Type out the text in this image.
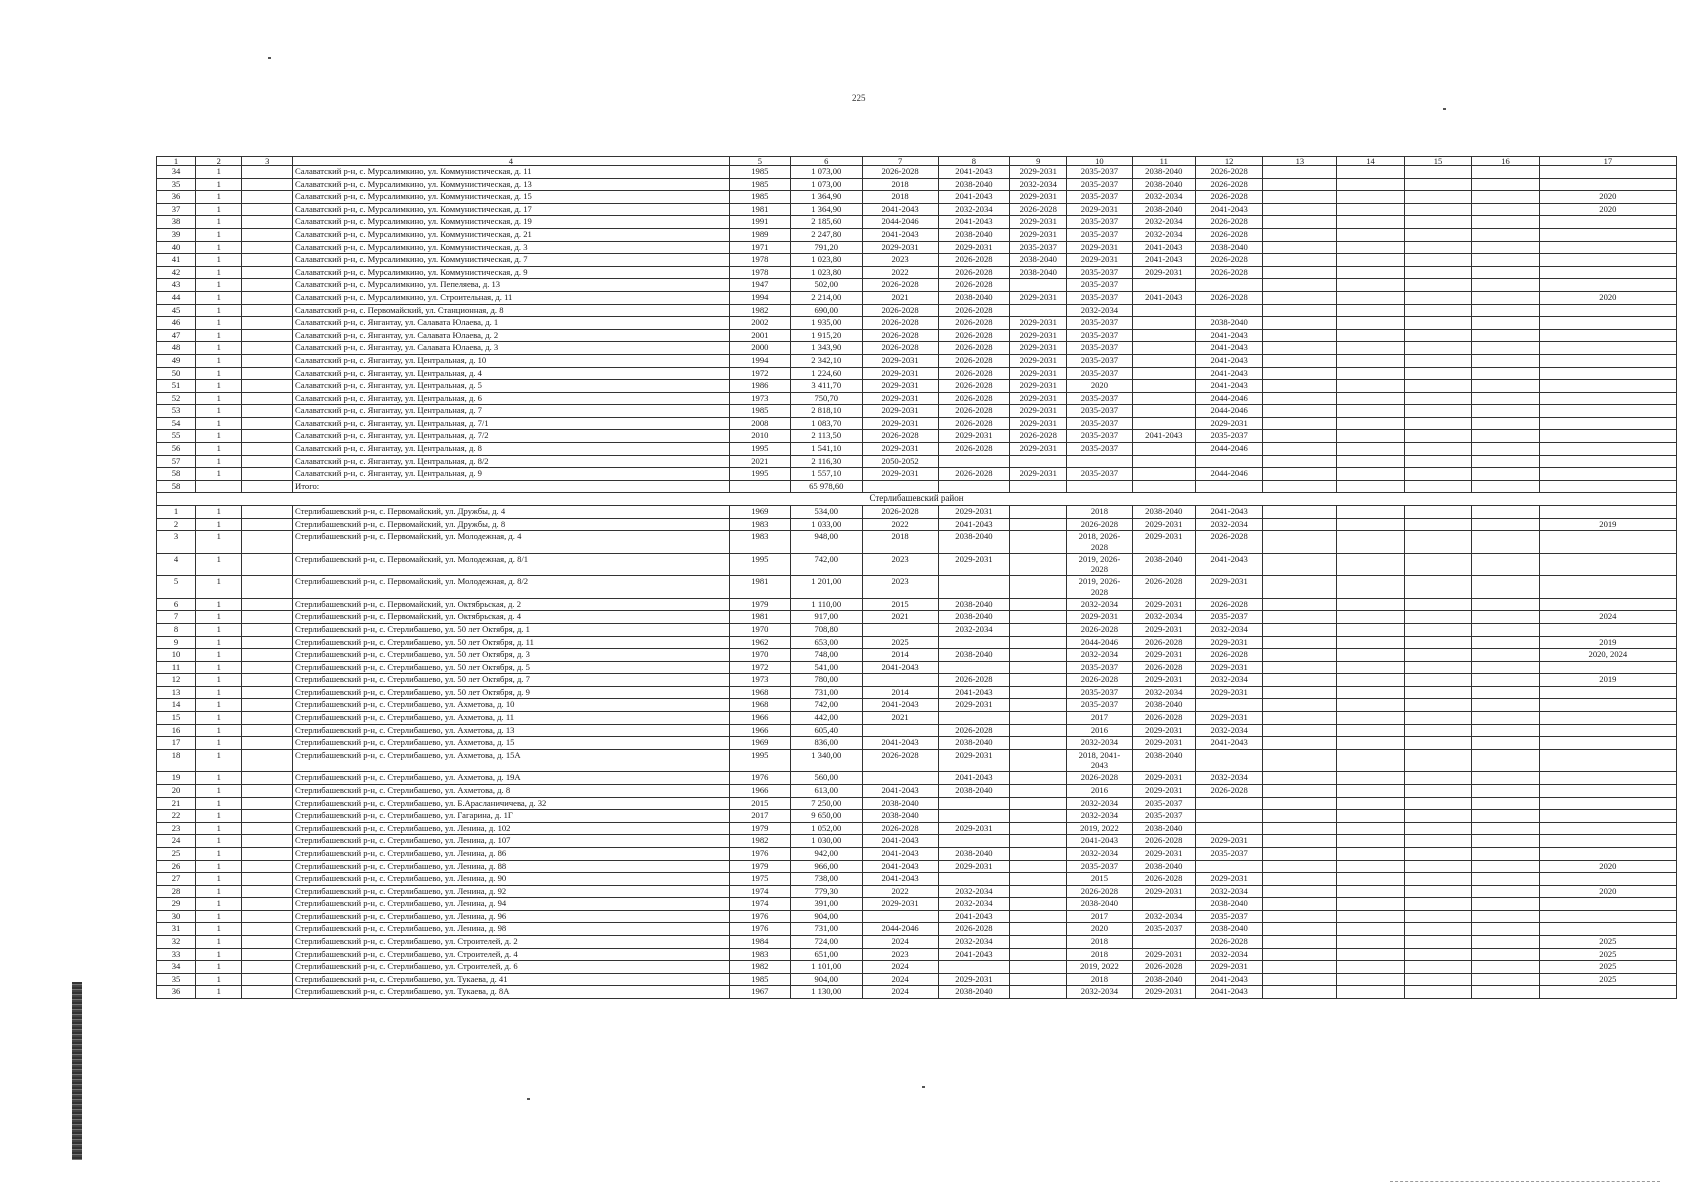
225
1	2	3	4	5	6	7	8	9	10	11	12	13	14	15	16	17
34	1		Салаватский р-н, с. Мурсалимкино, ул. Коммунистическая, д. 11	1985	1 073,00	2026-2028	2041-2043	2029-2031	2035-2037	2038-2040	2026-2028					
35	1		Салаватский р-н, с. Мурсалимкино, ул. Коммунистическая, д. 13	1985	1 073,00	2018	2038-2040	2032-2034	2035-2037	2038-2040	2026-2028					
36	1		Салаватский р-н, с. Мурсалимкино, ул. Коммунистическая, д. 15	1985	1 364,90	2018	2041-2043	2029-2031	2035-2037	2032-2034	2026-2028					2020
37	1		Салаватский р-н, с. Мурсалимкино, ул. Коммунистическая, д. 17	1981	1 364,90	2041-2043	2032-2034	2026-2028	2029-2031	2038-2040	2041-2043					2020
38	1		Салаватский р-н, с. Мурсалимкино, ул. Коммунистическая, д. 19	1991	2 185,60	2044-2046	2041-2043	2029-2031	2035-2037	2032-2034	2026-2028					
39	1		Салаватский р-н, с. Мурсалимкино, ул. Коммунистическая, д. 21	1989	2 247,80	2041-2043	2038-2040	2029-2031	2035-2037	2032-2034	2026-2028					
40	1		Салаватский р-н, с. Мурсалимкино, ул. Коммунистическая, д. 3	1971	791,20	2029-2031	2029-2031	2035-2037	2029-2031	2041-2043	2038-2040					
41	1		Салаватский р-н, с. Мурсалимкино, ул. Коммунистическая, д. 7	1978	1 023,80	2023	2026-2028	2038-2040	2029-2031	2041-2043	2026-2028					
42	1		Салаватский р-н, с. Мурсалимкино, ул. Коммунистическая, д. 9	1978	1 023,80	2022	2026-2028	2038-2040	2035-2037	2029-2031	2026-2028					
43	1		Салаватский р-н, с. Мурсалимкино, ул. Пепеляева, д. 13	1947	502,00	2026-2028	2026-2028		2035-2037							
44	1		Салаватский р-н, с. Мурсалимкино, ул. Строительная, д. 11	1994	2 214,00	2021	2038-2040	2029-2031	2035-2037	2041-2043	2026-2028					2020
45	1		Салаватский р-н, с. Первомайский, ул. Станционная, д. 8	1982	690,00	2026-2028	2026-2028		2032-2034							
46	1		Салаватский р-н, с. Янгантау, ул. Салавата Юлаева, д. 1	2002	1 935,00	2026-2028	2026-2028	2029-2031	2035-2037		2038-2040					
47	1		Салаватский р-н, с. Янгантау, ул. Салавата Юлаева, д. 2	2001	1 915,20	2026-2028	2026-2028	2029-2031	2035-2037		2041-2043					
48	1		Салаватский р-н, с. Янгантау, ул. Салавата Юлаева, д. 3	2000	1 343,90	2026-2028	2026-2028	2029-2031	2035-2037		2041-2043					
49	1		Салаватский р-н, с. Янгантау, ул. Центральная, д. 10	1994	2 342,10	2029-2031	2026-2028	2029-2031	2035-2037		2041-2043					
50	1		Салаватский р-н, с. Янгантау, ул. Центральная, д. 4	1972	1 224,60	2029-2031	2026-2028	2029-2031	2035-2037		2041-2043					
51	1		Салаватский р-н, с. Янгантау, ул. Центральная, д. 5	1986	3 411,70	2029-2031	2026-2028	2029-2031	2020		2041-2043					
52	1		Салаватский р-н, с. Янгантау, ул. Центральная, д. 6	1973	750,70	2029-2031	2026-2028	2029-2031	2035-2037		2044-2046					
53	1		Салаватский р-н, с. Янгантау, ул. Центральная, д. 7	1985	2 818,10	2029-2031	2026-2028	2029-2031	2035-2037		2044-2046					
54	1		Салаватский р-н, с. Янгантау, ул. Центральная, д. 7/1	2008	1 083,70	2029-2031	2026-2028	2029-2031	2035-2037		2029-2031					
55	1		Салаватский р-н, с. Янгантау, ул. Центральная, д. 7/2	2010	2 113,50	2026-2028	2029-2031	2026-2028	2035-2037	2041-2043	2035-2037					
56	1		Салаватский р-н, с. Янгантау, ул. Центральная, д. 8	1995	1 541,10	2029-2031	2026-2028	2029-2031	2035-2037		2044-2046					
57	1		Салаватский р-н, с. Янгантау, ул. Центральная, д. 8/2	2021	2 116,30	2050-2052										
58	1		Салаватский р-н, с. Янгантау, ул. Центральная, д. 9	1995	1 557,10	2029-2031	2026-2028	2029-2031	2035-2037		2044-2046					
58			Итого:		65 978,60											
Стерлибашевский район																
1	1		Стерлибашевский р-н, с. Первомайский, ул. Дружбы, д. 4	1969	534,00	2026-2028	2029-2031		2018	2038-2040	2041-2043					
2	1		Стерлибашевский р-н, с. Первомайский, ул. Дружбы, д. 8	1983	1 033,00	2022	2041-2043		2026-2028	2029-2031	2032-2034					2019
3	1		Стерлибашевский р-н, с. Первомайский, ул. Молодежная, д. 4	1983	948,00	2018	2038-2040		2018, 2026-2028	2029-2031	2026-2028					
4	1		Стерлибашевский р-н, с. Первомайский, ул. Молодежная, д. 8/1	1995	742,00	2023	2029-2031		2019, 2026-2028	2038-2040	2041-2043					
5	1		Стерлибашевский р-н, с. Первомайский, ул. Молодежная, д. 8/2	1981	1 201,00	2023			2019, 2026-2028	2026-2028	2029-2031					
6	1		Стерлибашевский р-н, с. Первомайский, ул. Октябрьская, д. 2	1979	1 110,00	2015	2038-2040		2032-2034	2029-2031	2026-2028					
7	1		Стерлибашевский р-н, с. Первомайский, ул. Октябрьская, д. 4	1981	917,00	2021	2038-2040		2029-2031	2032-2034	2035-2037					2024
8	1		Стерлибашевский р-н, с. Стерлибашево, ул. 50 лет Октября, д. 1	1970	708,80		2032-2034		2026-2028	2029-2031	2032-2034					
9	1		Стерлибашевский р-н, с. Стерлибашево, ул. 50 лет Октября, д. 11	1962	653,00	2025			2044-2046	2026-2028	2029-2031					2019
10	1		Стерлибашевский р-н, с. Стерлибашево, ул. 50 лет Октября, д. 3	1970	748,00	2014	2038-2040		2032-2034	2029-2031	2026-2028					2020, 2024
11	1		Стерлибашевский р-н, с. Стерлибашево, ул. 50 лет Октября, д. 5	1972	541,00	2041-2043			2035-2037	2026-2028	2029-2031					
12	1		Стерлибашевский р-н, с. Стерлибашево, ул. 50 лет Октября, д. 7	1973	780,00		2026-2028		2026-2028	2029-2031	2032-2034					2019
13	1		Стерлибашевский р-н, с. Стерлибашево, ул. 50 лет Октября, д. 9	1968	731,00	2014	2041-2043		2035-2037	2032-2034	2029-2031					
14	1		Стерлибашевский р-н, с. Стерлибашево, ул. Ахметова, д. 10	1968	742,00	2041-2043	2029-2031		2035-2037	2038-2040						
15	1		Стерлибашевский р-н, с. Стерлибашево, ул. Ахметова, д. 11	1966	442,00	2021			2017	2026-2028	2029-2031					
16	1		Стерлибашевский р-н, с. Стерлибашево, ул. Ахметова, д. 13	1966	605,40		2026-2028		2016	2029-2031	2032-2034					
17	1		Стерлибашевский р-н, с. Стерлибашево, ул. Ахметова, д. 15	1969	836,00	2041-2043	2038-2040		2032-2034	2029-2031	2041-2043					
18	1		Стерлибашевский р-н, с. Стерлибашево, ул. Ахметова, д. 15А	1995	1 340,00	2026-2028	2029-2031		2018, 2041-2043	2038-2040						
19	1		Стерлибашевский р-н, с. Стерлибашево, ул. Ахметова, д. 19А	1976	560,00		2041-2043		2026-2028	2029-2031	2032-2034					
20	1		Стерлибашевский р-н, с. Стерлибашево, ул. Ахметова, д. 8	1966	613,00	2041-2043	2038-2040		2016	2029-2031	2026-2028					
21	1		Стерлибашевский р-н, с. Стерлибашево, ул. Б.Арасланичичева, д. 32	2015	7 250,00	2038-2040			2032-2034	2035-2037						
22	1		Стерлибашевский р-н, с. Стерлибашево, ул. Гагарина, д. 1Г	2017	9 650,00	2038-2040			2032-2034	2035-2037						
23	1		Стерлибашевский р-н, с. Стерлибашево, ул. Ленина, д. 102	1979	1 052,00	2026-2028	2029-2031		2019, 2022	2038-2040						
24	1		Стерлибашевский р-н, с. Стерлибашево, ул. Ленина, д. 107	1982	1 030,00	2041-2043			2041-2043	2026-2028	2029-2031					
25	1		Стерлибашевский р-н, с. Стерлибашево, ул. Ленина, д. 86	1976	942,00	2041-2043	2038-2040		2032-2034	2029-2031	2035-2037					
26	1		Стерлибашевский р-н, с. Стерлибашево, ул. Ленина, д. 88	1979	966,00	2041-2043	2029-2031		2035-2037	2038-2040						2020
27	1		Стерлибашевский р-н, с. Стерлибашево, ул. Ленина, д. 90	1975	738,00	2041-2043			2015	2026-2028	2029-2031					
28	1		Стерлибашевский р-н, с. Стерлибашево, ул. Ленина, д. 92	1974	779,30	2022	2032-2034		2026-2028	2029-2031	2032-2034					2020
29	1		Стерлибашевский р-н, с. Стерлибашево, ул. Ленина, д. 94	1974	391,00	2029-2031	2032-2034		2038-2040		2038-2040					
30	1		Стерлибашевский р-н, с. Стерлибашево, ул. Ленина, д. 96	1976	904,00		2041-2043		2017	2032-2034	2035-2037					
31	1		Стерлибашевский р-н, с. Стерлибашево, ул. Ленина, д. 98	1976	731,00	2044-2046	2026-2028		2020	2035-2037	2038-2040					
32	1		Стерлибашевский р-н, с. Стерлибашево, ул. Строителей, д. 2	1984	724,00	2024	2032-2034		2018		2026-2028					2025
33	1		Стерлибашевский р-н, с. Стерлибашево, ул. Строителей, д. 4	1983	651,00	2023	2041-2043		2018	2029-2031	2032-2034					2025
34	1		Стерлибашевский р-н, с. Стерлибашево, ул. Строителей, д. 6	1982	1 101,00	2024			2019, 2022	2026-2028	2029-2031					2025
35	1		Стерлибашевский р-н, с. Стерлибашево, ул. Тукаева, д. 41	1985	904,00	2024	2029-2031		2018	2038-2040	2041-2043					2025
36	1		Стерлибашевский р-н, с. Стерлибашево, ул. Тукаева, д. 8А	1967	1 130,00	2024	2038-2040		2032-2034	2029-2031	2041-2043					
